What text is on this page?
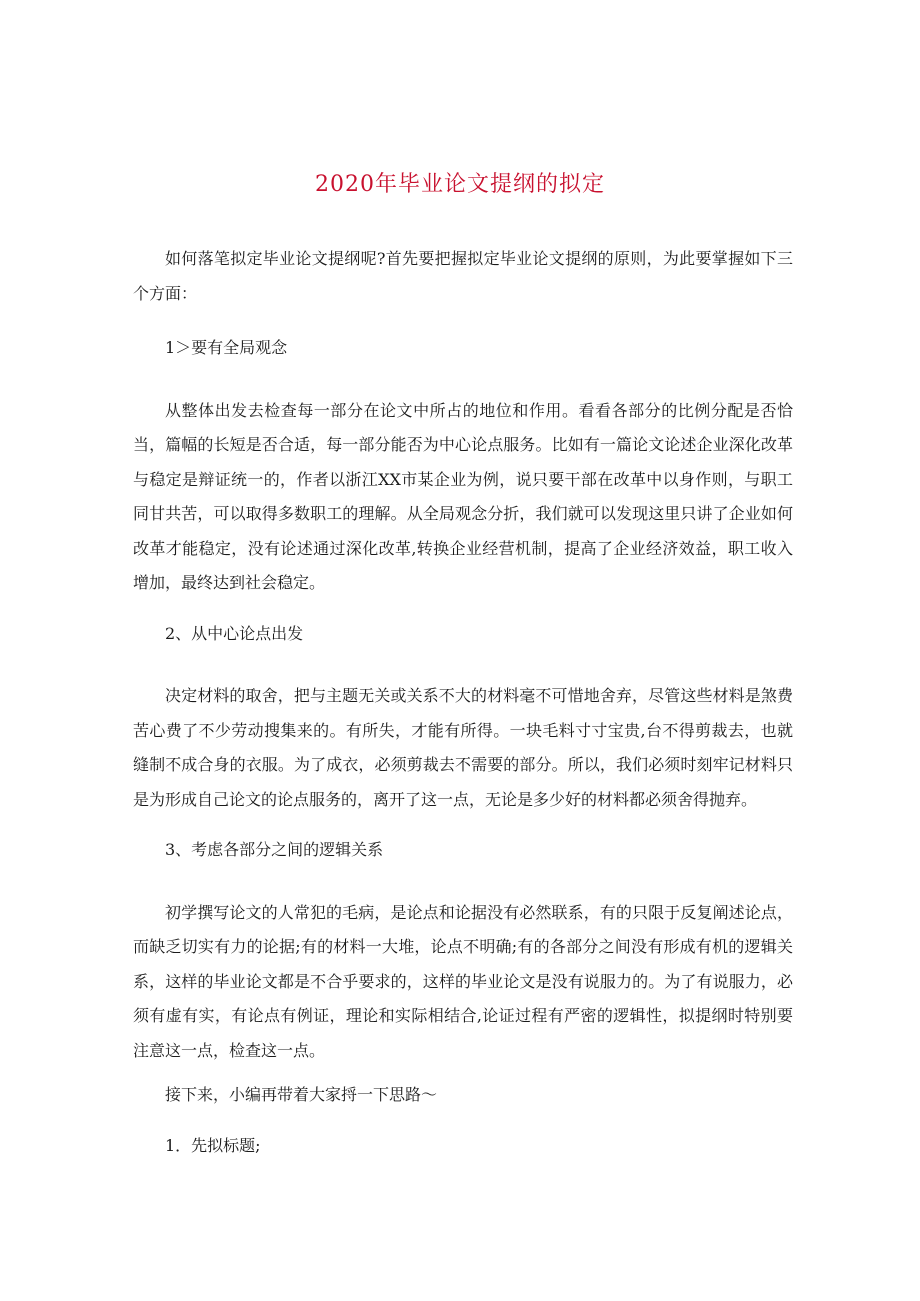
2020年毕业论文提纲的拟定

如何落笔拟定毕业论文提纲呢?首先要把握拟定毕业论文提纲的原则，为此要掌握如下三个方面：

1＞要有全局观念

从整体出发去检查每一部分在论文中所占的地位和作用。看看各部分的比例分配是否恰当，篇幅的长短是否合适，每一部分能否为中心论点服务。比如有一篇论文论述企业深化改革与稳定是辩证统一的，作者以浙江XX市某企业为例，说只要干部在改革中以身作则，与职工同甘共苦，可以取得多数职工的理解。从全局观念分折，我们就可以发现这里只讲了企业如何改革才能稳定，没有论述通过深化改革,转换企业经营机制，提高了企业经济效益，职工收入增加，最终达到社会稳定。

2、从中心论点出发

决定材料的取舍，把与主题无关或关系不大的材料毫不可惜地舍弃，尽管这些材料是煞费苦心费了不少劳动搜集来的。有所失，才能有所得。一块毛料寸寸宝贵,台不得剪裁去，也就缝制不成合身的衣服。为了成衣，必须剪裁去不需要的部分。所以，我们必须时刻牢记材料只是为形成自己论文的论点服务的，离开了这一点，无论是多少好的材料都必须舍得抛弃。

3、考虑各部分之间的逻辑关系

初学撰写论文的人常犯的毛病，是论点和论据没有必然联系，有的只限于反复阐述论点，而缺乏切实有力的论据;有的材料一大堆，论点不明确;有的各部分之间没有形成有机的逻辑关系，这样的毕业论文都是不合乎要求的，这样的毕业论文是没有说服力的。为了有说服力，必须有虚有实，有论点有例证，理论和实际相结合,论证过程有严密的逻辑性，拟提纲时特别要注意这一点，检查这一点。

接下来，小编再带着大家捋一下思路〜

1．先拟标题;
